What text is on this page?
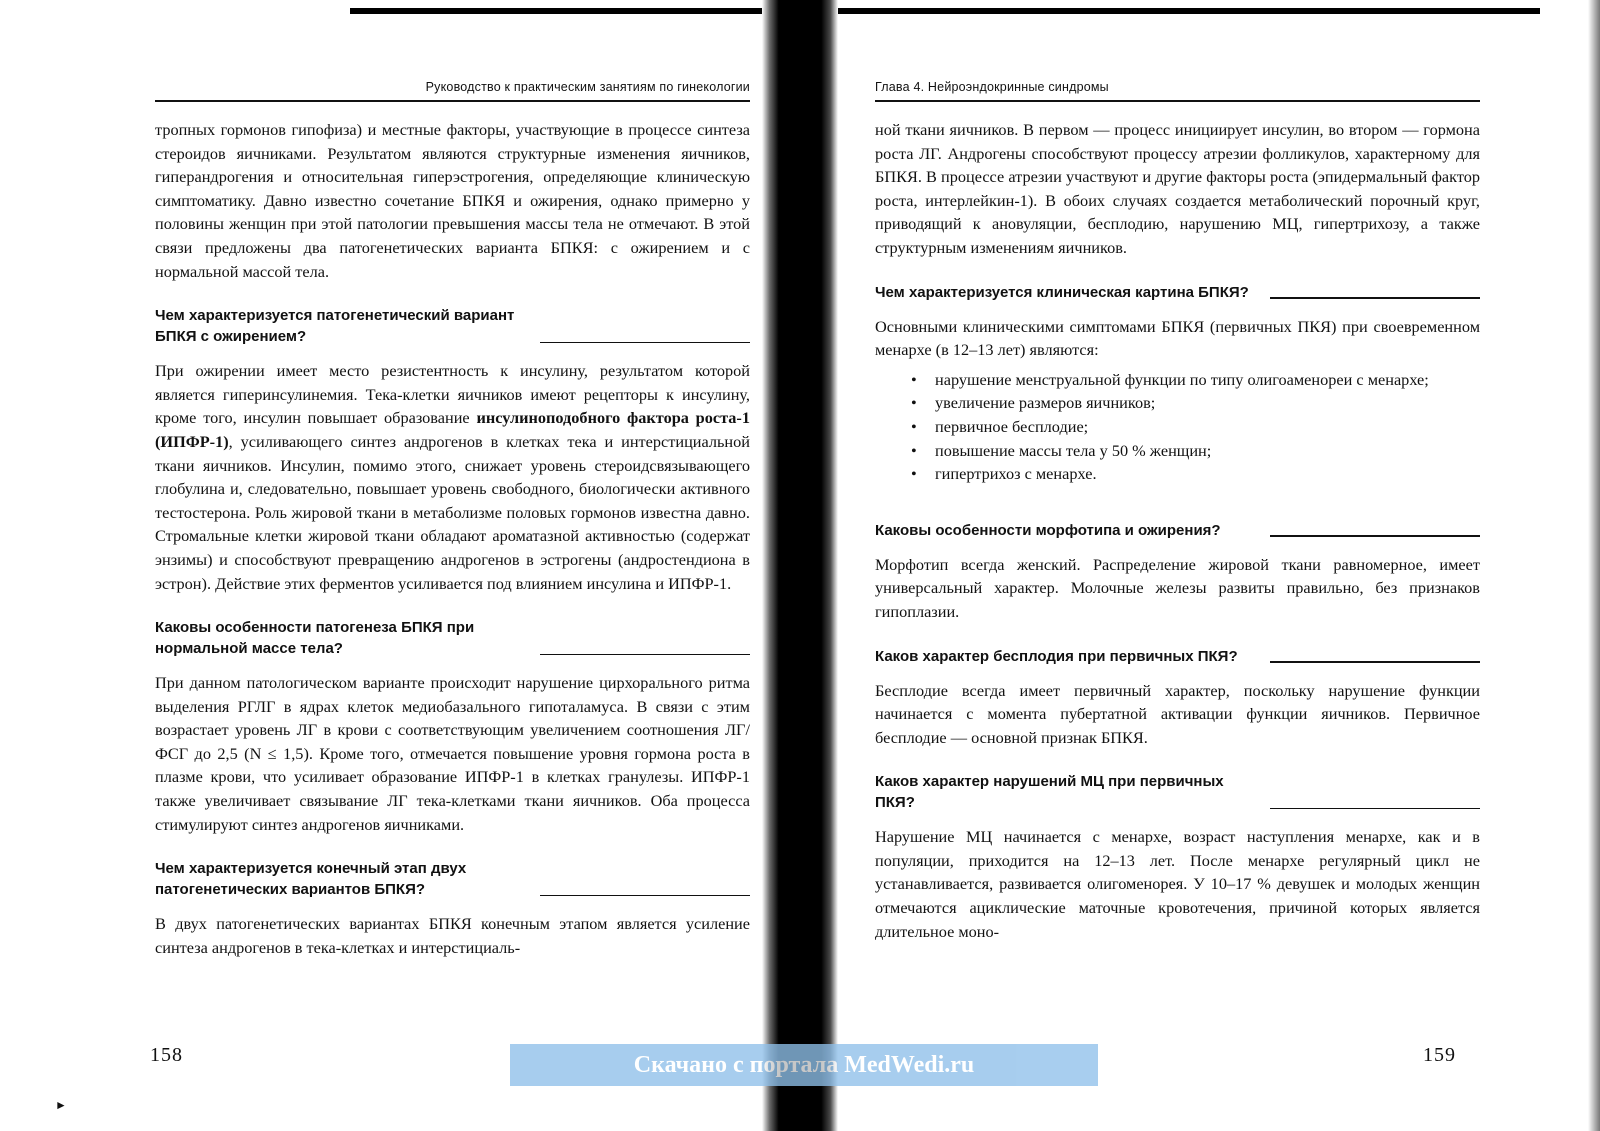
►
Руководство к практическим занятиям по гинекологии

тропных гормонов гипофиза) и местные факторы, участвующие в процессе синтеза стероидов яичниками. Результатом являются структурные изменения яичников, гиперандрогения и относительная гиперэстрогения, определяющие клиническую симптоматику. Давно известно сочетание БПКЯ и ожирения, однако примерно у половины женщин при этой патологии превышения массы тела не отмечают. В этой связи предложены два патогенетических варианта БПКЯ: с ожирением и с нормальной массой тела.

Чем характеризуется патогенетический вариант БПКЯ с ожирением?

При ожирении имеет место резистентность к инсулину, результатом которой является гиперинсулинемия. Тека-клетки яичников имеют рецепторы к инсулину, кроме того, инсулин повышает образование инсулиноподобного фактора роста-1 (ИПФР-1), усиливающего синтез андрогенов в клетках тека и интерстициальной ткани яичников. Инсулин, помимо этого, снижает уровень стероидсвязывающего глобулина и, следовательно, повышает уровень свободного, биологически активного тестостерона. Роль жировой ткани в метаболизме половых гормонов известна давно. Стромальные клетки жировой ткани обладают ароматазной активностью (содержат энзимы) и способствуют превращению андрогенов в эстрогены (андростендиона в эстрон). Действие этих ферментов усиливается под влиянием инсулина и ИПФР-1.

Каковы особенности патогенеза БПКЯ при нормальной массе тела?

При данном патологическом варианте происходит нарушение цирхорального ритма выделения РГЛГ в ядрах клеток медиобазального гипоталамуса. В связи с этим возрастает уровень ЛГ в крови с соответствующим увеличением соотношения ЛГ/ФСГ до 2,5 (N ≤ 1,5). Кроме того, отмечается повышение уровня гормона роста в плазме крови, что усиливает образование ИПФР-1 в клетках гранулезы. ИПФР-1 также увеличивает связывание ЛГ тека-клетками ткани яичников. Оба процесса стимулируют синтез андрогенов яичниками.

Чем характеризуется конечный этап двух патогенетических вариантов БПКЯ?

В двух патогенетических вариантах БПКЯ конечным этапом является усиление синтеза андрогенов в тека-клетках и интерстициаль-

158
Глава 4. Нейроэндокринные синдромы

ной ткани яичников. В первом — процесс инициирует инсулин, во втором — гормона роста ЛГ. Андрогены способствуют процессу атрезии фолликулов, характерному для БПКЯ. В процессе атрезии участвуют и другие факторы роста (эпидермальный фактор роста, интерлейкин-1). В обоих случаях создается метаболический порочный круг, приводящий к ановуляции, бесплодию, нарушению МЦ, гипертрихозу, а также структурным изменениям яичников.

Чем характеризуется клиническая картина БПКЯ?

Основными клиническими симптомами БПКЯ (первичных ПКЯ) при своевременном менархе (в 12–13 лет) являются:

• нарушение менструальной функции по типу олигоаменореи с менархе;
• увеличение размеров яичников;
• первичное бесплодие;
• повышение массы тела у 50 % женщин;
• гипертрихоз с менархе.
Каковы особенности морфотипа и ожирения?

Морфотип всегда женский. Распределение жировой ткани равномерное, имеет универсальный характер. Молочные железы развиты правильно, без признаков гипоплазии.

Каков характер бесплодия при первичных ПКЯ?

Бесплодие всегда имеет первичный характер, поскольку нарушение функции начинается с момента пубертатной активации функции яичников. Первичное бесплодие — основной признак БПКЯ.

Каков характер нарушений МЦ при первичных ПКЯ?

Нарушение МЦ начинается с менархе, возраст наступления менархе, как и в популяции, приходится на 12–13 лет. После менархе регулярный цикл не устанавливается, развивается олигоменорея. У 10–17 % девушек и молодых женщин отмечаются ациклические маточные кровотечения, причиной которых является длительное моно-

159
Скачано с портала MedWedi.ru
